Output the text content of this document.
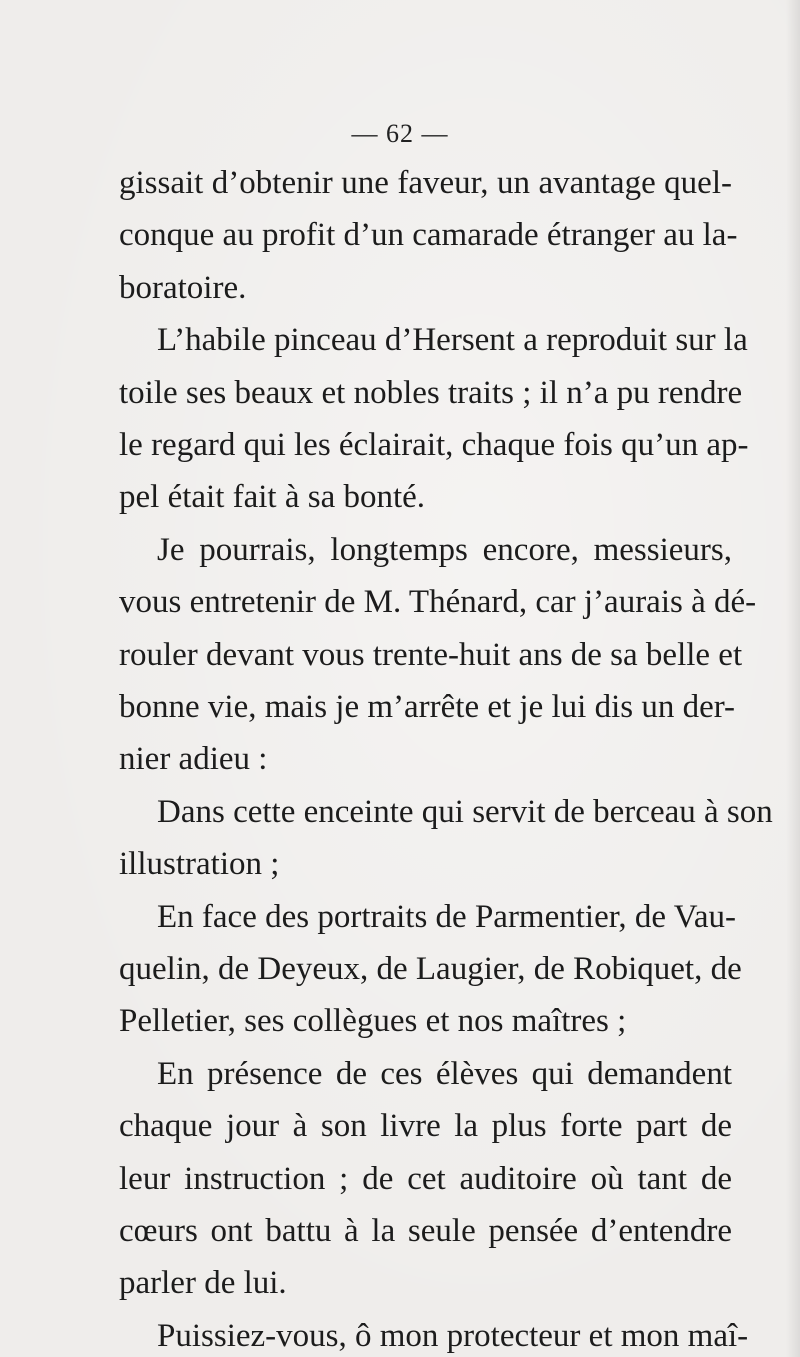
— 62 —
gissait d’obtenir une faveur, un avantage quel-
conque au profit d’un camarade étranger au la-
boratoire.
L’habile pinceau d’Hersent a reproduit sur la
toile ses beaux et nobles traits ; il n’a pu rendre
le regard qui les éclairait, chaque fois qu’un ap-
pel était fait à sa bonté.
Je pourrais, longtemps encore, messieurs,
vous entretenir de M. Thénard, car j’aurais à dé-
rouler devant vous trente-huit ans de sa belle et
bonne vie, mais je m’arrête et je lui dis un der-
nier adieu :
Dans cette enceinte qui servit de berceau à son
illustration ;
En face des portraits de Parmentier, de Vau-
quelin, de Deyeux, de Laugier, de Robiquet, de
Pelletier, ses collègues et nos maîtres ;
En présence de ces élèves qui demandent
chaque jour à son livre la plus forte part de
leur instruction ; de cet auditoire où tant de
cœurs ont battu à la seule pensée d’entendre
parler de lui.
Puissiez-vous, ô mon protecteur et mon maî-
